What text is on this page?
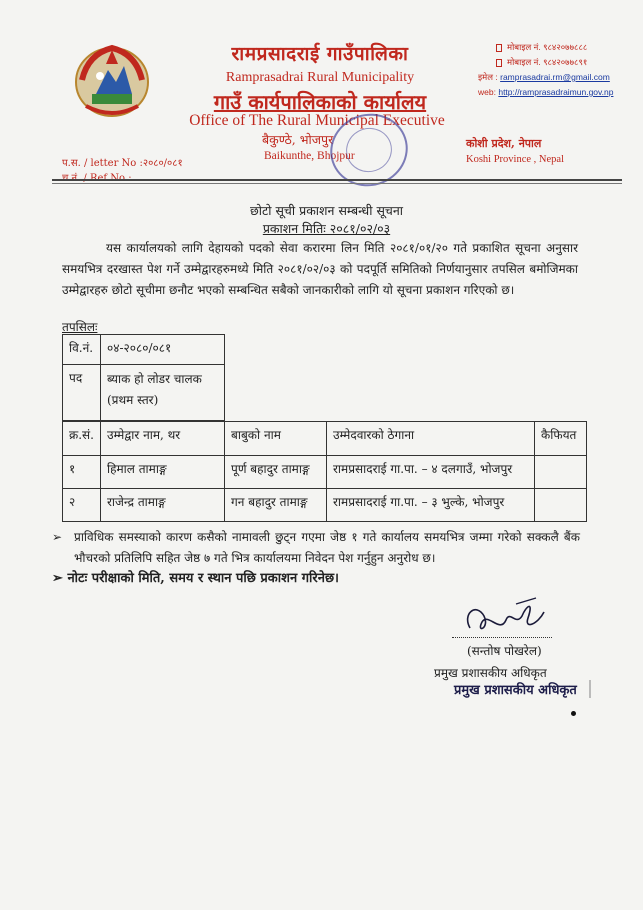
रामप्रसादराई गाउँपालिका
Ramprasadrai Rural Municipality
गाउँ कार्यपालिकाको कार्यालय
Office of The Rural Municipal Executive
बैकुण्ठे, भोजपुर
Baikunthe, Bhojpur
मोबाइल नं. ९८४२०७७८८८
मोबाइल नं. ९८४२०७७८९१
इमेल : ramprasadrai.rm@gmail.com
web: http://ramprasadraimun.gov.np
कोशी प्रदेश, नेपाल
Koshi Province , Nepal
प.स. / letter No :२०८०/०८१
छोटो सूची प्रकाशन सम्बन्धी सूचना
प्रकाशन मितिः २०८१/०२/०३
यस कार्यालयको लागि देहायको पदको सेवा करारमा लिन मिति २०८१/०१/२० गते प्रकाशित सूचना अनुसार समयभित्र दरखास्त पेश गर्ने उम्मेद्वारहरुमध्ये मिति २०८१/०२/०३ को पदपूर्ति समितिको निर्णयानुसार तपसिल बमोजिमका उम्मेद्वारहरु छोटो सूचीमा छनौट भएको सम्बन्धित सबैको जानकारीको लागि यो सूचना प्रकाशन गरिएको छ।
तपसिलः
वि.नं.	०४-२०८०/०८१
पद	ब्याक हो लोडर चालक (प्रथम स्तर)
क्र.सं.	उम्मेद्वार नाम, थर	बाबुको नाम	उम्मेदवारको ठेगाना	कैफियत
१	हिमाल तामाङ्ग	पूर्ण बहादुर तामाङ्ग	रामप्रसादराई गा.पा. – ४ दलगाउँ, भोजपुर	
२	राजेन्द्र तामाङ्ग	गन बहादुर तामाङ्ग	रामप्रसादराई गा.पा. – ३ भुल्के, भोजपुर	
➢ प्राविधिक समस्याको कारण कसैको नामावली छुट्न गएमा जेष्ठ १ गते कार्यालय समयभित्र जम्मा गरेको सक्कलै बैंक भौचरको प्रतिलिपि सहित जेष्ठ ७ गते भित्र कार्यालयमा निवेदन पेश गर्नुहुन अनुरोध छ।
➢ नोटः परीक्षाको मिति, समय र स्थान पछि प्रकाशन गरिनेछ।
(सन्तोष पोखरेल)
प्रमुख प्रशासकीय अधिकृत
प्रमुख प्रशासकीय अधिकृत
